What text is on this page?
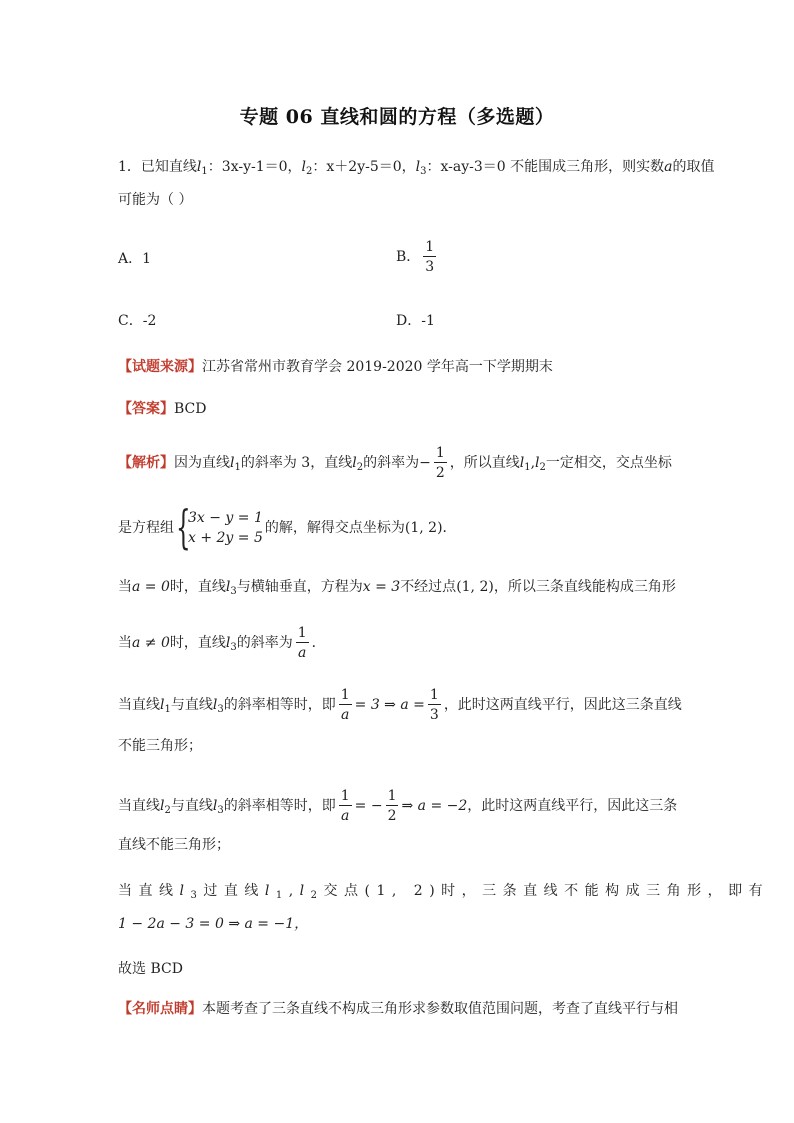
专题 06 直线和圆的方程（多选题）
1．已知直线$l_1$：3x-y-1＝0，$l_2$：x＋2y-5＝0，$l_3$：x-ay-3＝0 不能围成三角形，则实数a的取值
可能为（ ）
A．1	B． $\frac{1}{3}$
C．-2	D．-1
【试题来源】江苏省常州市教育学会 2019-2020 学年高一下学期期末
【答案】BCD
【解析】因为直线$l_1$的斜率为 3，直线$l_2$的斜率为− $\frac{1}{2}$ ，所以直线$l_1,l_2$一定相交，交点坐标
是方程组 {
3x − y = 1
x + 2y = 5
的解，解得交点坐标为(1, 2)．
当a = 0时，直线$l_3$与横轴垂直，方程为x = 3不经过点(1, 2)，所以三条直线能构成三角形
当a ≠ 0时，直线$l_3$的斜率为 $\frac{1}{a}$ ．
当直线$l_1$与直线$l_3$的斜率相等时，即 $\frac{1}{a} = 3$ ⇒ $a = \frac{1}{3}$ ，此时这两直线平行，因此这三条直线
不能三角形；
当直线$l_2$与直线$l_3$的斜率相等时，即 $\frac{1}{a}$ = − $\frac{1}{2}$ ⇒ a = −2，此时这两直线平行，因此这三条
直线不能三角形；
当直线$l_3$过直线$l_1,l_2$交点(1, 2)时，三条直线不能构成三角形，即有
1 − 2a − 3 = 0 ⇒ a = −1，
故选 BCD
【名师点睛】本题考查了三条直线不构成三角形求参数取值范围问题，考查了直线平行与相
